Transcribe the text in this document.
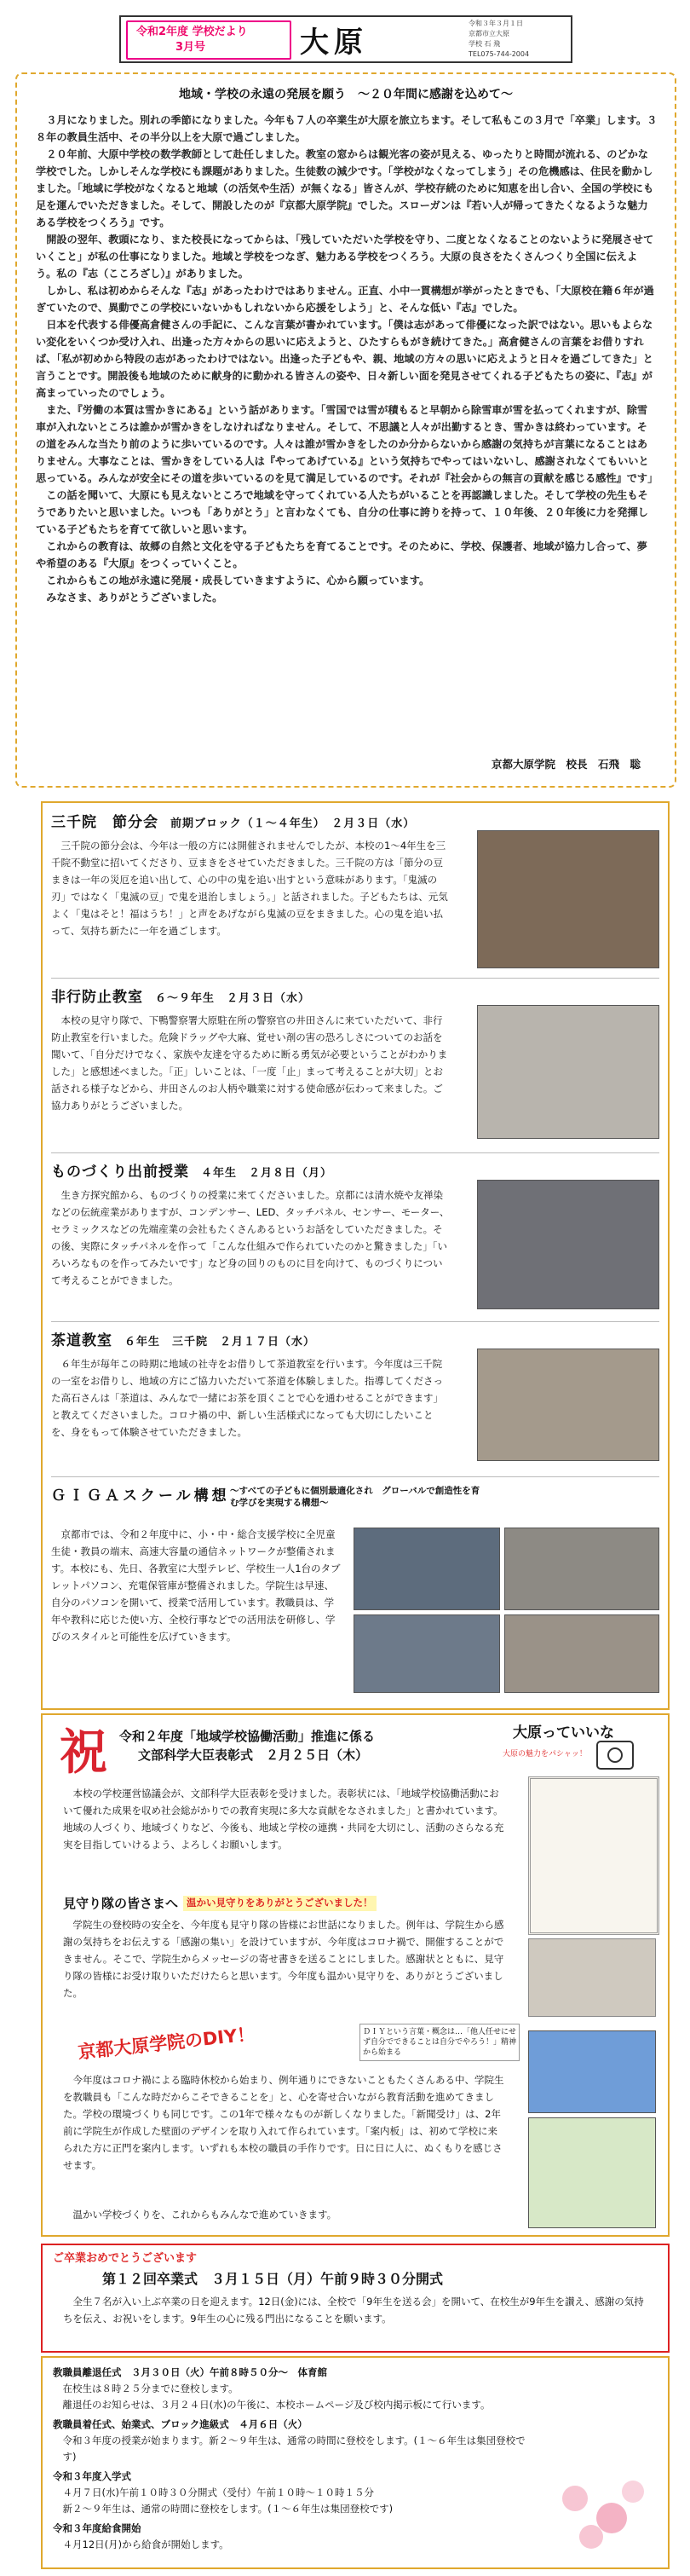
令和2年度 学校だより
3月号	大原
令和３年３月１日
京都市立大原
学校 石 飛
TEL075-744-2004
地域・学校の永遠の発展を願う　～２０年間に感謝を込めて～

３月になりました。別れの季節になりました。今年も７人の卒業生が大原を旅立ちます。そして私もこの３月で「卒業」します。３８年の教員生活中、その半分以上を大原で過ごしました。

２０年前、大原中学校の数学教師として赴任しました。教室の窓からは観光客の姿が見える、ゆったりと時間が流れる、のどかな学校でした。しかしそんな学校にも課題がありました。生徒数の減少です。「学校がなくなってしまう」その危機感は、住民を動かしました。「地域に学校がなくなると地域（の活気や生活）が無くなる」皆さんが、学校存続のために知恵を出し合い、全国の学校にも足を運んでいただきました。そして、開設したのが『京都大原学院』でした。スローガンは『若い人が帰ってきたくなるような魅力ある学校をつくろう』です。

開設の翌年、教頭になり、また校長になってからは、「残していただいた学校を守り、二度となくなることのないように発展させていくこと」が私の仕事になりました。地域と学校をつなぎ、魅力ある学校をつくろう。大原の良さをたくさんつくり全国に伝えよう。私の『志（こころざし）』がありました。

しかし、私は初めからそんな『志』があったわけではありません。正直、小中一貫構想が挙がったときでも、「大原校在籍６年が過ぎていたので、異動でこの学校にいないかもしれないから応援をしよう」と、そんな低い『志』でした。

日本を代表する俳優高倉健さんの手記に、こんな言葉が書かれています。「僕は志があって俳優になった訳ではない。思いもよらない変化をいくつか受け入れ、出逢った方々からの思いに応えようと、ひたすらもがき続けてきた。」高倉健さんの言葉をお借りすれば、「私が初めから特段の志があったわけではない。出逢った子どもや、親、地域の方々の思いに応えようと日々を過ごしてきた」と言うことです。開設後も地域のために献身的に動かれる皆さんの姿や、日々新しい面を発見させてくれる子どもたちの姿に、『志』が高まっていったのでしょう。

また、『労働の本質は雪かきにある』という話があります。「雪国では雪が積もると早朝から除雪車が雪を払ってくれますが、除雪車が入れないところは誰かが雪かきをしなければなりません。そして、不思議と人々が出勤するとき、雪かきは終わっています。その道をみんな当たり前のように歩いているのです。人々は誰が雪かきをしたのか分からないから感謝の気持ちが言葉になることはありません。大事なことは、雪かきをしている人は『やってあげている』という気持ちでやってはいないし、感謝されなくてもいいと思っている。みんなが安全にその道を歩いているのを見て満足しているのです。それが『社会からの無言の貢献を感じる感性』です」

この話を聞いて、大原にも見えないところで地域を守ってくれている人たちがいることを再認識しました。そして学校の先生もそうでありたいと思いました。いつも「ありがとう」と言わなくても、自分の仕事に誇りを持って、１０年後、２０年後に力を発揮している子どもたちを育てて欲しいと思います。

これからの教育は、故郷の自然と文化を守る子どもたちを育てることです。そのために、学校、保護者、地域が協力し合って、夢や希望のある『大原』をつくっていくこと。

これからもこの地が永遠に発展・成長していきますように、心から願っています。

みなさま、ありがとうございました。

京都大原学院　校長　石飛　聡
三千院　節分会 前期ブロック（１～４年生）　２月３日（水）

三千院の節分会は、今年は一般の方には開催されませんでしたが、本校の1～4年生を三千院不動堂に招いてくださり、豆まきをさせていただきました。三千院の方は「節分の豆まきは一年の災厄を追い出して、心の中の鬼を追い出すという意味があります。「鬼滅の刃」ではなく「鬼滅の豆」で鬼を退治しましょう。」と話されました。子どもたちは、元気よく「鬼はそと！福はうち！」と声をあげながら鬼滅の豆をまきました。心の鬼を追い払って、気持ち新たに一年を過ごします。

非行防止教室 ６～９年生　２月３日（水）

本校の見守り隊で、下鴨警察署大原駐在所の警察官の井田さんに来ていただいて、非行防止教室を行いました。危険ドラッグや大麻、覚せい剤の害の恐ろしさについてのお話を聞いて、「自分だけでなく、家族や友達を守るために断る勇気が必要ということがわかりました」と感想述べました。「正」しいことは、「一度「止」まって考えることが大切」とお話される様子などから、井田さんのお人柄や職業に対する使命感が伝わって来ました。ご協力ありがとうございました。

ものづくり出前授業 ４年生　２月８日（月）

生き方探究館から、ものづくりの授業に来てくださいました。京都には清水焼や友禅染などの伝統産業がありますが、コンデンサー、LED、タッチパネル、センサー、モーター、セラミックスなどの先端産業の会社もたくさんあるというお話をしていただきました。その後、実際にタッチパネルを作って「こんな仕組みで作られていたのかと驚きました」「いろいろなものを作ってみたいです」など身の回りのものに目を向けて、ものづくりについて考えることができました。

茶道教室 ６年生　三千院　２月１７日（水）

６年生が毎年この時期に地域の社寺をお借りして茶道教室を行います。今年度は三千院の一室をお借りし、地域の方にご協力いただいて茶道を体験しました。指導してくださった高石さんは「茶道は、みんなで一緒にお茶を頂くことで心を通わせることができます」と教えてくださいました。コロナ禍の中、新しい生活様式になっても大切にしたいことを、身をもって体験させていただきました。

ＧＩＧＡスクール構想 ～すべての子どもに個別最適化され　グローバルで創造性を育む学びを実現する構想～

京都市では、令和２年度中に、小・中・総合支援学校に全児童生徒・教員の端末、高速大容量の通信ネットワークが整備されます。本校にも、先日、各教室に大型テレビ、学校生一人1台のタブレットパソコン、充電保管庫が整備されました。学院生は早速、自分のパソコンを開いて、授業で活用しています。教職員は、学年や教科に応じた使い方、全校行事などでの活用法を研修し、学びのスタイルと可能性を広げていきます。

祝 令和２年度「地域学校協働活動」推進に係る
文部科学大臣表彰式　２月２５日（木）
大原っていいな
大原の魅力をパシャッ！
本校の学校運営協議会が、文部科学大臣表彰を受けました。表彰状には、「地域学校協働活動において優れた成果を収め社会総がかりでの教育実現に多大な貢献をなされました」と書かれています。地域の人づくり、地域づくりなど、今後も、地域と学校の連携・共同を大切にし、活動のさらなる充実を目指していけるよう、よろしくお願いします。
見守り隊の皆さまへ 温かい見守りをありがとうございました！
学院生の登校時の安全を、今年度も見守り隊の皆様にお世話になりました。例年は、学院生から感謝の気持ちをお伝えする「感謝の集い」を設けていますが、今年度はコロナ禍で、開催することができません。そこで、学院生からメッセージの寄せ書きを送ることにしました。感謝状とともに、見守り隊の皆様にお受け取りいただけたらと思います。今年度も温かい見守りを、ありがとうございました。
京都大原学院のDIY！	ＤＩＹという言葉・概念は…「他人任せにせず自分でできることは自分でやろう！」精神から始まる
今年度はコロナ禍による臨時休校から始まり、例年通りにできないこともたくさんある中、学院生を教職員も「こんな時だからこそできることを」と、心を寄せ合いながら教育活動を進めてきました。学校の環境づくりも同じです。この1年で様々なものが新しくなりました。「新聞受け」は、2年前に学院生が作成した壁面のデザインを取り入れて作られています。「案内板」は、初めて学校に来られた方に正門を案内します。いずれも本校の職員の手作りです。日に日に人に、ぬくもりを感じさせます。
温かい学校づくりを、これからもみんなで進めていきます。
ご卒業おめでとうございます
第１２回卒業式　３月１５日（月）午前９時３０分開式
全生７名が入い上ぶ卒業の日を迎えます。12日(金)には、全校で「9年生を送る会」を開いて、在校生が9年生を讃え、感謝の気持ちを伝え、お祝いをします。9年生の心に残る門出になることを願います。
教職員離退任式　３月３０日（火）午前８時５０分～　体育館
在校生は８時２５分までに登校します。
離退任のお知らせは、３月２４日(水)の午後に、本校ホームページ及び校内掲示板にて行います。
教職員着任式、始業式、ブロック進級式　４月６日（火）
令和３年度の授業が始まります。新２～９年生は、通常の時間に登校をします。(１～６年生は集団登校です)
令和３年度入学式
４月７日(水)午前１０時３０分開式（受付）午前１０時～１０時１５分
新２～９年生は、通常の時間に登校をします。(１～６年生は集団登校です)
令和３年度給食開始
４月12日(月)から給食が開始します。
